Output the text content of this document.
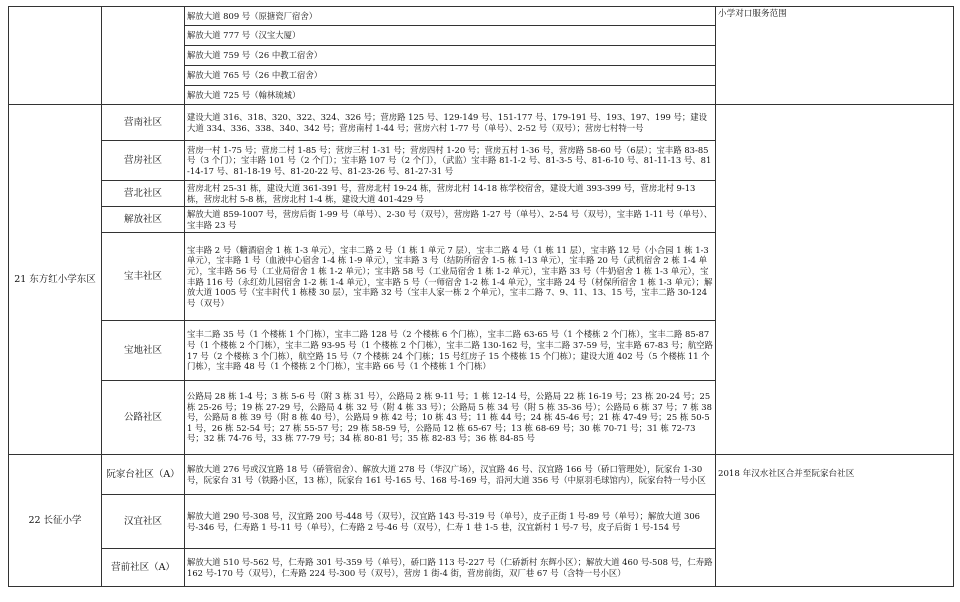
		解放大道 809 号（原搪瓷厂宿舍）	小学对口服务范围
		解放大道 777 号（汉宝大厦）	
		解放大道 759 号（26 中教工宿舍）	
		解放大道 765 号（26 中教工宿舍）	
		解放大道 725 号（翰林琉城）	
21 东方红小学东区	营南社区	建设大道 316、318、320、322、324、326 号；营房路 125 号、129-149 号、151-177 号、179-191 号、193、197、199 号；建设大道 334、336、338、340、342 号；营房南村 1-44 号；营房六村 1-77 号（单号）、2-52 号（双号）；营房七村特一号	
	营房社区	营房一村 1-75 号；营房二村 1-85 号；营房三村 1-31 号；营房四村 1-20 号；营房五村 1-36 号，营房路 58-60 号（6层）；宝丰路 83-85 号（3 个门）；宝丰路 101 号（2 个门）；宝丰路 107 号（2 个门），（武监）宝丰路 81-1-2 号、81-3-5 号、81-6-10 号、81-11-13 号、81-14-17 号、81-18-19 号、81-20-22 号、81-23-26 号、81-27-31 号	
	营北社区	营房北村 25-31 栋，建设大道 361-391 号，营房北村 19-24 栋，营房北村 14-18 栋学校宿舍，建设大道 393-399 号，营房北村 9-13 栋，营房北村 5-8 栋，营房北村 1-4 栋，建设大道 401-429 号	
	解放社区	解放大道 859-1007 号，营房后街 1-99 号（单号）、2-30 号（双号），营房路 1-27 号（单号）、2-54 号（双号），宝丰路 1-11 号（单号）、宝丰路 23 号	
	宝丰社区	宝丰路 2 号（糖酒宿舍 1 栋 1-3 单元），宝丰二路 2 号（1 栋 1 单元 7 层），宝丰二路 4 号（1 栋 11 层），宝丰路 12 号（小合园 1 栋 1-3 单元），宝丰路 1 号（血液中心宿舍 1-4 栋 1-9 单元），宝丰路 3 号（结防所宿舍 1-5 栋 1-13 单元），宝丰路 20 号（武机宿舍 2 栋 1-4 单元），宝丰路 56 号（工业局宿舍 1 栋 1-2 单元）；宝丰路 58 号（工业局宿舍 1 栋 1-2 单元），宝丰路 33 号（牛奶宿舍 1 栋 1-3 单元），宝丰路 116 号（永红幼儿园宿舍 1-2 栋 1-4 单元），宝丰路 5 号（一师宿舍 1-2 栋 1-4 单元），宝丰路 24 号（材保所宿舍 1 栋 1-3 单元）；解放大道 1005 号（宝丰时代 1 栋楼 30 层），宝丰路 32 号（宝丰人家一栋 2 个单元），宝丰二路 7、9、11、13、15 号，宝丰二路 30-124 号（双号）	
	宝地社区	宝丰二路 35 号（1 个楼栋 1 个门栋），宝丰二路 128 号（2 个楼栋 6 个门栋），宝丰二路 63-65 号（1 个楼栋 2 个门栋），宝丰二路 85-87 号（1 个楼栋 2 个门栋），宝丰二路 93-95 号（1 个楼栋 2 个门栋），宝丰二路 130-162 号，宝丰二路 37-59 号，宝丰路 67-83 号；航空路 17 号（2 个楼栋 3 个门栋），航空路 15 号（7 个楼栋 24 个门栋；15 号红房子 15 个楼栋 15 个门栋）；建设大道 402 号（5 个楼栋 11 个门栋），宝丰路 48 号（1 个楼栋 2 个门栋），宝丰路 66 号（1 个楼栋 1 个门栋）	
	公路社区	公路局 28 栋 1-4 号；3 栋 5-6 号（附 3 栋 31 号），公路局 2 栋 9-11 号；1 栋 12-14 号，公路局 22 栋 16-19 号；23 栋 20-24 号；25 栋 25-26 号；19 栋 27-29 号，公路局 4 栋 32 号（附 4 栋 33 号）；公路局 5 栋 34 号（附 5 栋 35-36 号）；公路局 6 栋 37 号；7 栋 38 号，公路局 8 栋 39 号（附 8 栋 40 号），公路局 9 栋 42 号；10 栋 43 号；11 栋 44 号；24 栋 45-46 号；21 栋 47-49 号；25 栋 50-51 号，26 栋 52-54 号；27 栋 55-57 号；29 栋 58-59 号，公路局 12 栋 65-67 号；13 栋 68-69 号；30 栋 70-71 号；31 栋 72-73 号；32 栋 74-76 号，33 栋 77-79 号；34 栋 80-81 号；35 栋 82-83 号；36 栋 84-85 号	
22 长征小学	阮家台社区（A）	解放大道 276 号或汉宜路 18 号（硚管宿舍）、解放大道 278 号（华汉广场），汉宜路 46 号、汉宜路 166 号（硚口管理处），阮家台 1-30 号，阮家台 31 号（铁路小区，13 栋），阮家台 161 号-165 号、168 号-169 号，沿河大道 356 号（中原羽毛球馆内），阮家台特一号小区	2018 年汉水社区合并至阮家台社区
	汉宜社区	解放大道 290 号-308 号，汉宜路 200 号-448 号（双号），汉宜路 143 号-319 号（单号），皮子正街 1 号-89 号（单号）；解放大道 306 号-346 号，仁寿路 1 号-11 号（单号），仁寿路 2 号-46 号（双号），仁寿 1 巷 1-5 巷，汉宜新村 1 号-7 号，皮子后街 1 号-154 号	
	营前社区（A）	解放大道 510 号-562 号，仁寿路 301 号-359 号（单号），硚口路 113 号-227 号（仁硚新村 东辉小区）；解放大道 460 号-508 号，仁寿路 162 号-170 号（双号），仁寿路 224 号-300 号（双号），营房 1 街-4 街，营房前街，双厂巷 67 号（含特一号小区）	
